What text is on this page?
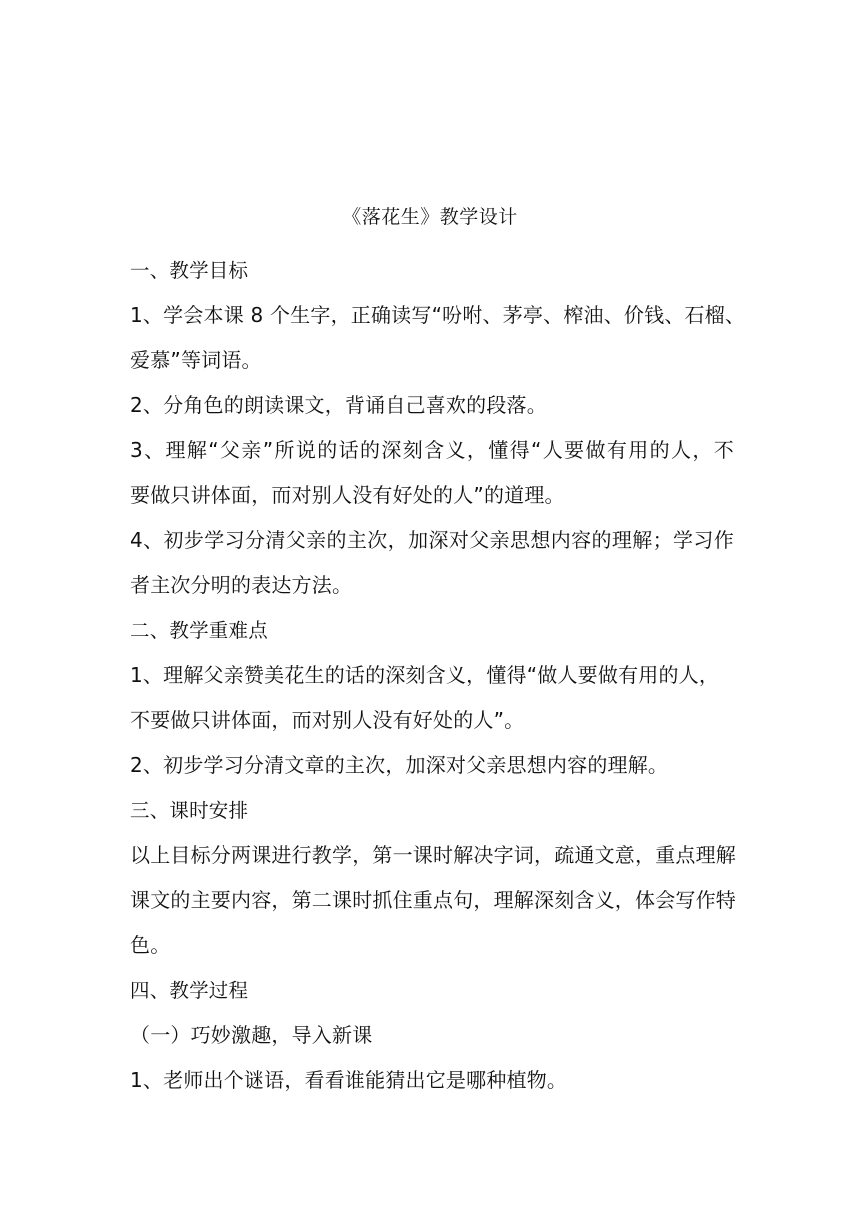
《落花生》教学设计
一、教学目标
1、学会本课 8 个生字，正确读写“吩咐、茅亭、榨油、价钱、石榴、
爱慕”等词语。
2、分角色的朗读课文，背诵自己喜欢的段落。
3、理解“父亲”所说的话的深刻含义，懂得“人要做有用的人，不
要做只讲体面，而对别人没有好处的人”的道理。
4、初步学习分清父亲的主次，加深对父亲思想内容的理解；学习作
者主次分明的表达方法。
二、教学重难点
1、理解父亲赞美花生的话的深刻含义，懂得“做人要做有用的人，
不要做只讲体面，而对别人没有好处的人”。
2、初步学习分清文章的主次，加深对父亲思想内容的理解。
三、课时安排
以上目标分两课进行教学，第一课时解决字词，疏通文意，重点理解
课文的主要内容，第二课时抓住重点句，理解深刻含义，体会写作特
色。
四、教学过程
（一）巧妙激趣，导入新课
1、老师出个谜语，看看谁能猜出它是哪种植物。
